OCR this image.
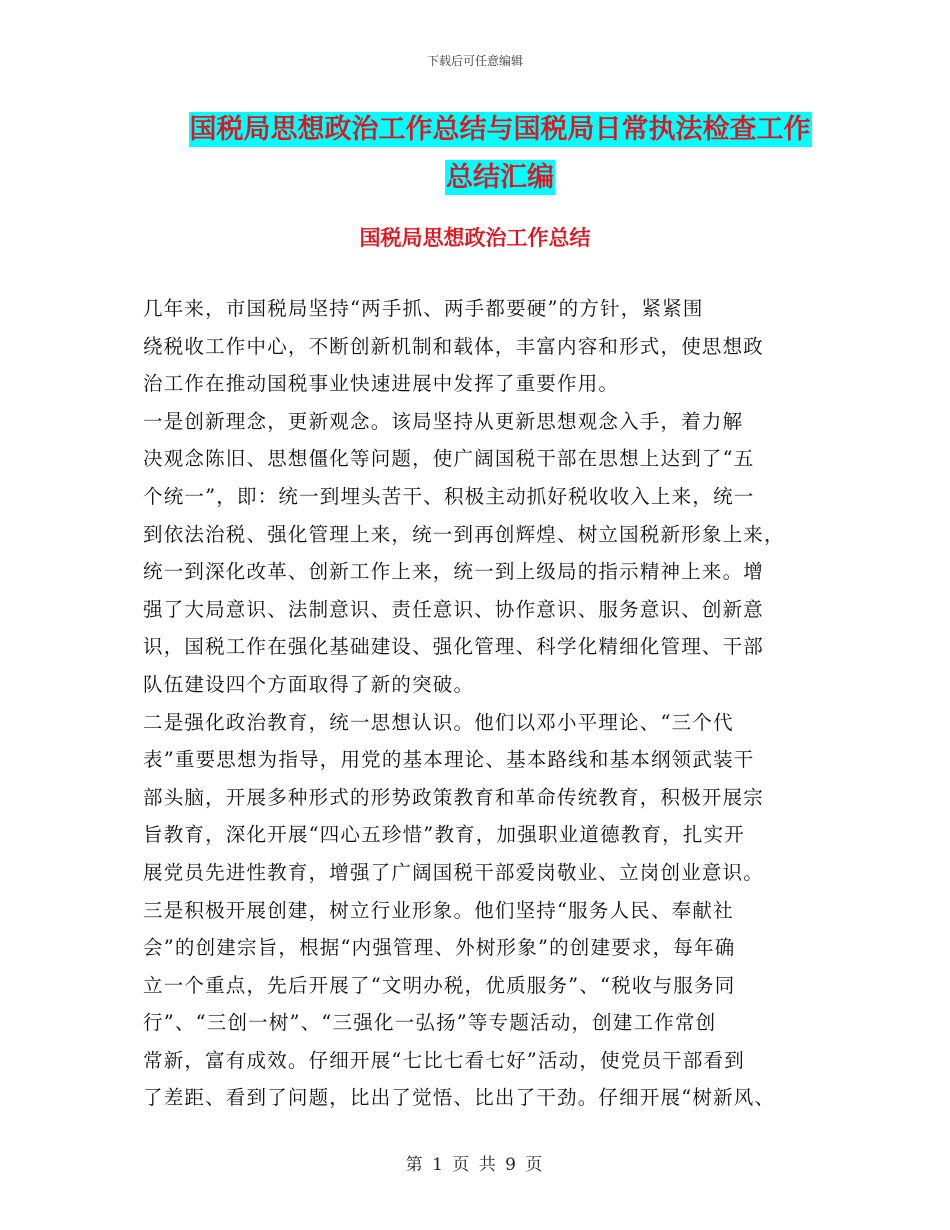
下载后可任意编辑
国税局思想政治工作总结与国税局日常执法检查工作
总结汇编
国税局思想政治工作总结
几年来，市国税局坚持“两手抓、两手都要硬”的方针，紧紧围
绕税收工作中心，不断创新机制和载体，丰富内容和形式，使思想政
治工作在推动国税事业快速进展中发挥了重要作用。
一是创新理念，更新观念。该局坚持从更新思想观念入手，着力解
决观念陈旧、思想僵化等问题，使广阔国税干部在思想上达到了“五
个统一”，即：统一到埋头苦干、积极主动抓好税收收入上来，统一
到依法治税、强化管理上来，统一到再创辉煌、树立国税新形象上来，
统一到深化改革、创新工作上来，统一到上级局的指示精神上来。增
强了大局意识、法制意识、责任意识、协作意识、服务意识、创新意
识，国税工作在强化基础建设、强化管理、科学化精细化管理、干部
队伍建设四个方面取得了新的突破。
二是强化政治教育，统一思想认识。他们以邓小平理论、“三个代
表”重要思想为指导，用党的基本理论、基本路线和基本纲领武装干
部头脑，开展多种形式的形势政策教育和革命传统教育，积极开展宗
旨教育，深化开展“四心五珍惜”教育，加强职业道德教育，扎实开
展党员先进性教育，增强了广阔国税干部爱岗敬业、立岗创业意识。
三是积极开展创建，树立行业形象。他们坚持“服务人民、奉献社
会”的创建宗旨，根据“内强管理、外树形象”的创建要求，每年确
立一个重点，先后开展了“文明办税，优质服务”、“税收与服务同
行”、“三创一树”、“三强化一弘扬”等专题活动，创建工作常创
常新，富有成效。仔细开展“七比七看七好”活动，使党员干部看到
了差距、看到了问题，比出了觉悟、比出了干劲。仔细开展“树新风、
第 1 页 共 9 页
